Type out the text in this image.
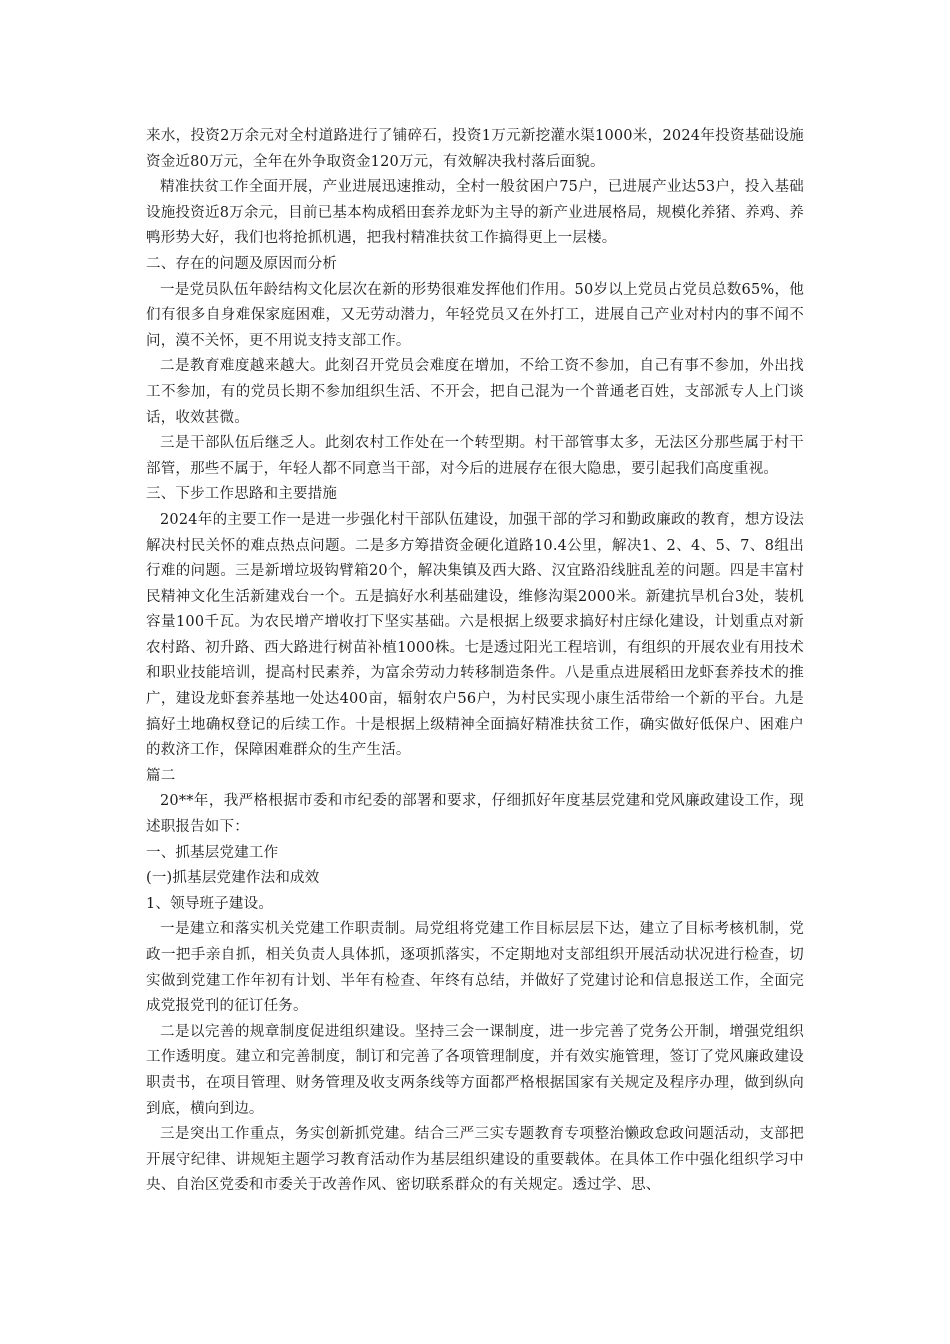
来水，投资2万余元对全村道路进行了铺碎石，投资1万元新挖灌水渠1000米，2024年投资基础设施资金近80万元，全年在外争取资金120万元，有效解决我村落后面貌。

精准扶贫工作全面开展，产业进展迅速推动，全村一般贫困户75户，已进展产业达53户，投入基础设施投资近8万余元，目前已基本构成稻田套养龙虾为主导的新产业进展格局，规模化养猪、养鸡、养鸭形势大好，我们也将抢抓机遇，把我村精准扶贫工作搞得更上一层楼。

二、存在的问题及原因而分析

一是党员队伍年龄结构文化层次在新的形势很难发挥他们作用。50岁以上党员占党员总数65%，他们有很多自身难保家庭困难，又无劳动潜力，年轻党员又在外打工，进展自己产业对村内的事不闻不问，漠不关怀，更不用说支持支部工作。

二是教育难度越来越大。此刻召开党员会难度在增加，不给工资不参加，自己有事不参加，外出找工不参加，有的党员长期不参加组织生活、不开会，把自己混为一个普通老百姓，支部派专人上门谈话，收效甚微。

三是干部队伍后继乏人。此刻农村工作处在一个转型期。村干部管事太多，无法区分那些属于村干部管，那些不属于，年轻人都不同意当干部，对今后的进展存在很大隐患，要引起我们高度重视。

三、下步工作思路和主要措施

2024年的主要工作一是进一步强化村干部队伍建设，加强干部的学习和勤政廉政的教育，想方设法解决村民关怀的难点热点问题。二是多方筹措资金硬化道路10.4公里，解决1、2、4、5、7、8组出行难的问题。三是新增垃圾钩臂箱20个，解决集镇及西大路、汉宜路沿线脏乱差的问题。四是丰富村民精神文化生活新建戏台一个。五是搞好水利基础建设，维修沟渠2000米。新建抗旱机台3处，装机容量100千瓦。为农民增产增收打下坚实基础。六是根据上级要求搞好村庄绿化建设，计划重点对新农村路、初升路、西大路进行树苗补植1000株。七是透过阳光工程培训，有组织的开展农业有用技术和职业技能培训，提高村民素养，为富余劳动力转移制造条件。八是重点进展稻田龙虾套养技术的推广，建设龙虾套养基地一处达400亩，辐射农户56户，为村民实现小康生活带给一个新的平台。九是搞好土地确权登记的后续工作。十是根据上级精神全面搞好精准扶贫工作，确实做好低保户、困难户的救济工作，保障困难群众的生产生活。

篇二

20**年，我严格根据市委和市纪委的部署和要求，仔细抓好年度基层党建和党风廉政建设工作，现述职报告如下：

一、抓基层党建工作

(一)抓基层党建作法和成效

1、领导班子建设。

一是建立和落实机关党建工作职责制。局党组将党建工作目标层层下达，建立了目标考核机制，党政一把手亲自抓，相关负责人具体抓，逐项抓落实，不定期地对支部组织开展活动状况进行检查，切实做到党建工作年初有计划、半年有检查、年终有总结，并做好了党建讨论和信息报送工作，全面完成党报党刊的征订任务。

二是以完善的规章制度促进组织建设。坚持三会一课制度，进一步完善了党务公开制，增强党组织工作透明度。建立和完善制度，制订和完善了各项管理制度，并有效实施管理，签订了党风廉政建设职责书，在项目管理、财务管理及收支两条线等方面都严格根据国家有关规定及程序办理，做到纵向到底，横向到边。

三是突出工作重点，务实创新抓党建。结合三严三实专题教育专项整治懒政怠政问题活动，支部把开展守纪律、讲规矩主题学习教育活动作为基层组织建设的重要载体。在具体工作中强化组织学习中央、自治区党委和市委关于改善作风、密切联系群众的有关规定。透过学、思、
